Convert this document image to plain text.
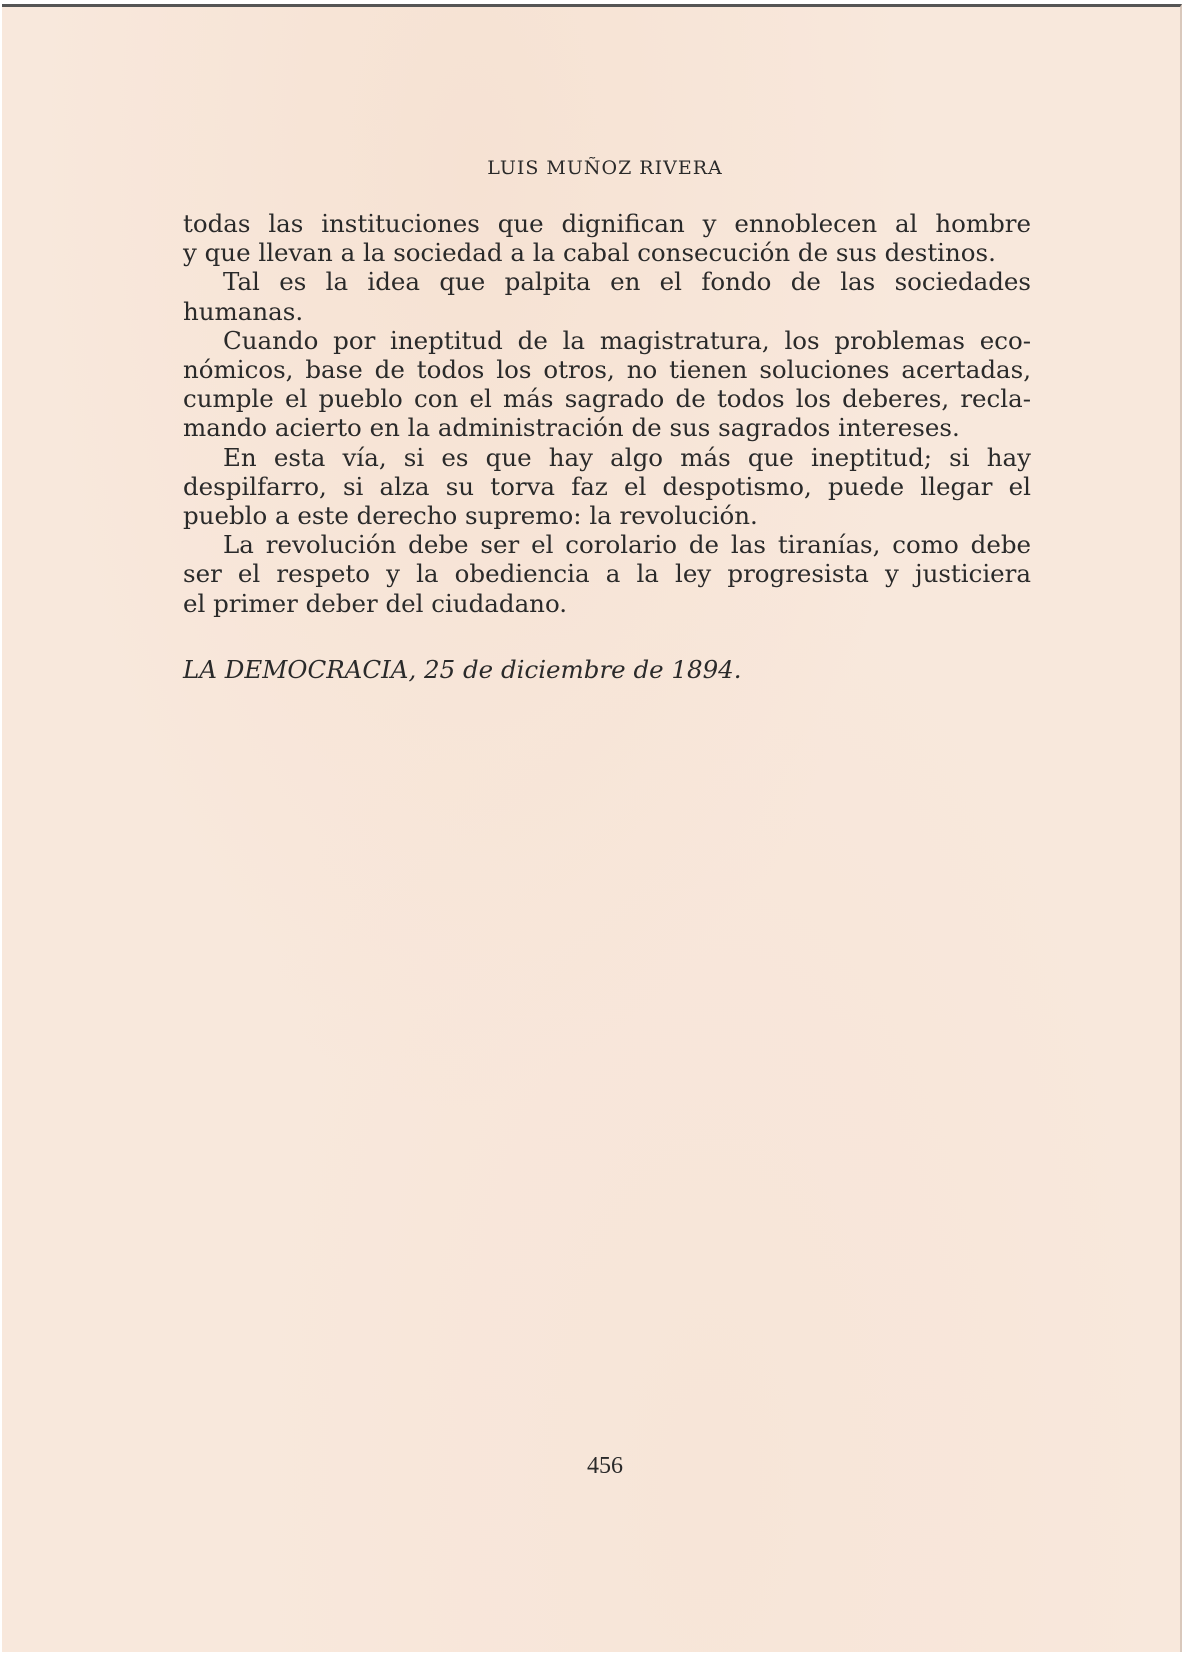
LUIS MUÑOZ RIVERA

todas las instituciones que dignifican y ennoblecen al hombre

y que llevan a la sociedad a la cabal consecución de sus destinos.

Tal es la idea que palpita en el fondo de las sociedades

humanas.

Cuando por ineptitud de la magistratura, los problemas eco-

nómicos, base de todos los otros, no tienen soluciones acertadas,

cumple el pueblo con el más sagrado de todos los deberes, recla-

mando acierto en la administración de sus sagrados intereses.

En esta vía, si es que hay algo más que ineptitud; si hay

despilfarro, si alza su torva faz el despotismo, puede llegar el

pueblo a este derecho supremo: la revolución.

La revolución debe ser el corolario de las tiranías, como debe

ser el respeto y la obediencia a la ley progresista y justiciera

el primer deber del ciudadano.

LA DEMOCRACIA, 25 de diciembre de 1894.
456
